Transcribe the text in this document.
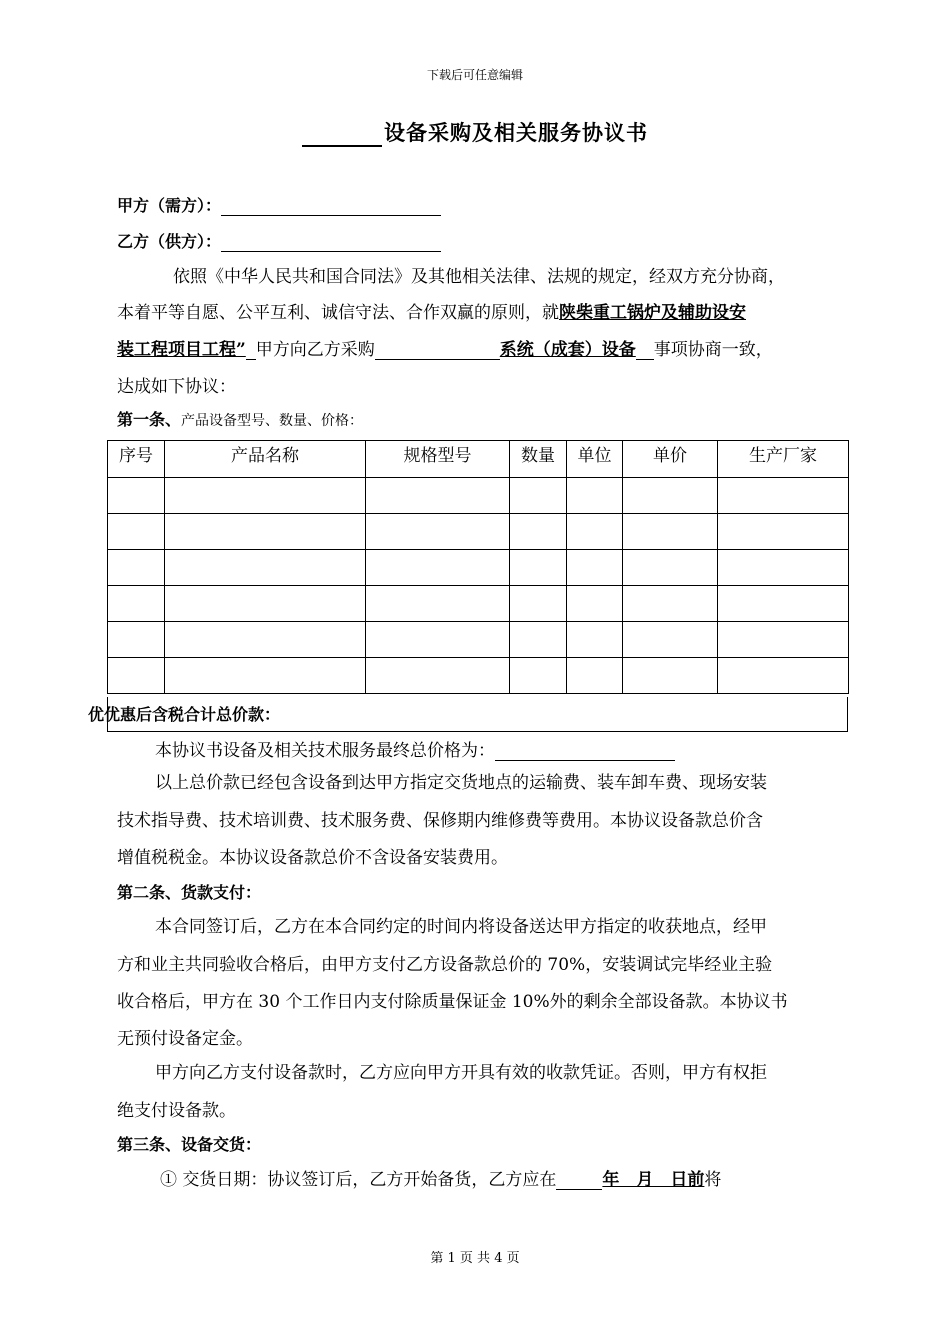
下载后可任意编辑
设备采购及相关服务协议书
甲方（需方）：
乙方（供方）：
依照《中华人民共和国合同法》及其他相关法律、法规的规定，经双方充分协商，
本着平等自愿、公平互利、诚信守法、合作双赢的原则，就陕柴重工锅炉及辅助设安
装工程项目工程” 甲方向乙方采购	系统（成套）设备 事项协商一致，
达成如下协议：
第一条、产品设备型号、数量、价格：
序号	产品名称	规格型号	数量	单位	单价	生产厂家

优优惠后含税合计总价款：
本协议书设备及相关技术服务最终总价格为：
以上总价款已经包含设备到达甲方指定交货地点的运输费、装车卸车费、现场安装
技术指导费、技术培训费、技术服务费、保修期内维修费等费用。本协议设备款总价含
增值税税金。本协议设备款总价不含设备安装费用。
第二条、货款支付：
本合同签订后，乙方在本合同约定的时间内将设备送达甲方指定的收获地点，经甲
方和业主共同验收合格后，由甲方支付乙方设备款总价的 70%，安装调试完毕经业主验
收合格后，甲方在 30 个工作日内支付除质量保证金 10%外的剩余全部设备款。本协议书
无预付设备定金。
甲方向乙方支付设备款时，乙方应向甲方开具有效的收款凭证。否则，甲方有权拒
绝支付设备款。
第三条、设备交货：
① 交货日期：协议签订后，乙方开始备货，乙方应在	年　月　日前将
第 1 页 共 4 页
